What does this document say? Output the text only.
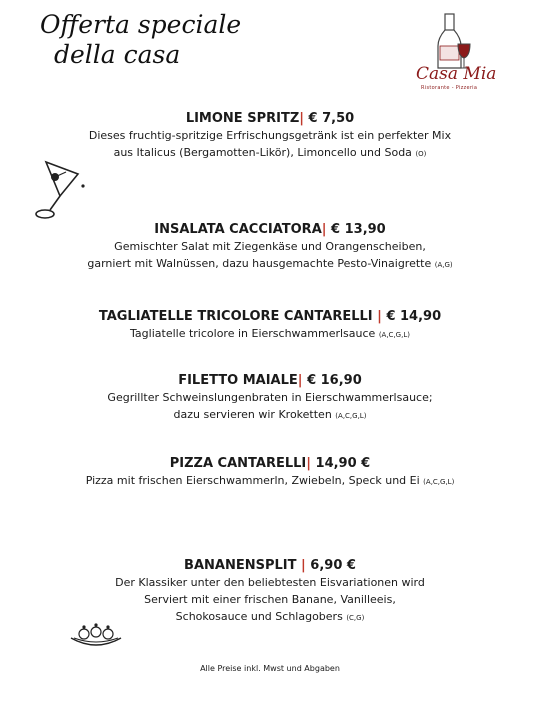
Offerta speciale
della casa
Casa Mia
Ristorante - Pizzeria
LIMONE SPRITZ| € 7,50
Dieses fruchtig-spritzige Erfrischungsgetränk ist ein perfekter Mix
aus Italicus (Bergamotten-Likör), Limoncello und Soda (O)
INSALATA CACCIATORA| € 13,90
Gemischter Salat mit Ziegenkäse und Orangenscheiben,
garniert mit Walnüssen, dazu hausgemachte Pesto-Vinaigrette (A,G)
TAGLIATELLE TRICOLORE CANTARELLI | € 14,90
Tagliatelle tricolore in Eierschwammerlsauce (A,C,G,L)
FILETTO MAIALE| € 16,90
Gegrillter Schweinslungenbraten in Eierschwammerlsauce;
dazu servieren wir Kroketten (A,C,G,L)
PIZZA CANTARELLI| 14,90 €
Pizza mit frischen Eierschwammerln, Zwiebeln, Speck und Ei (A,C,G,L)
BANANENSPLIT | 6,90 €
Der Klassiker unter den beliebtesten Eisvariationen wird
Serviert mit einer frischen Banane, Vanilleeis,
Schokosauce und Schlagobers (C,G)
Alle Preise inkl. Mwst und Abgaben
